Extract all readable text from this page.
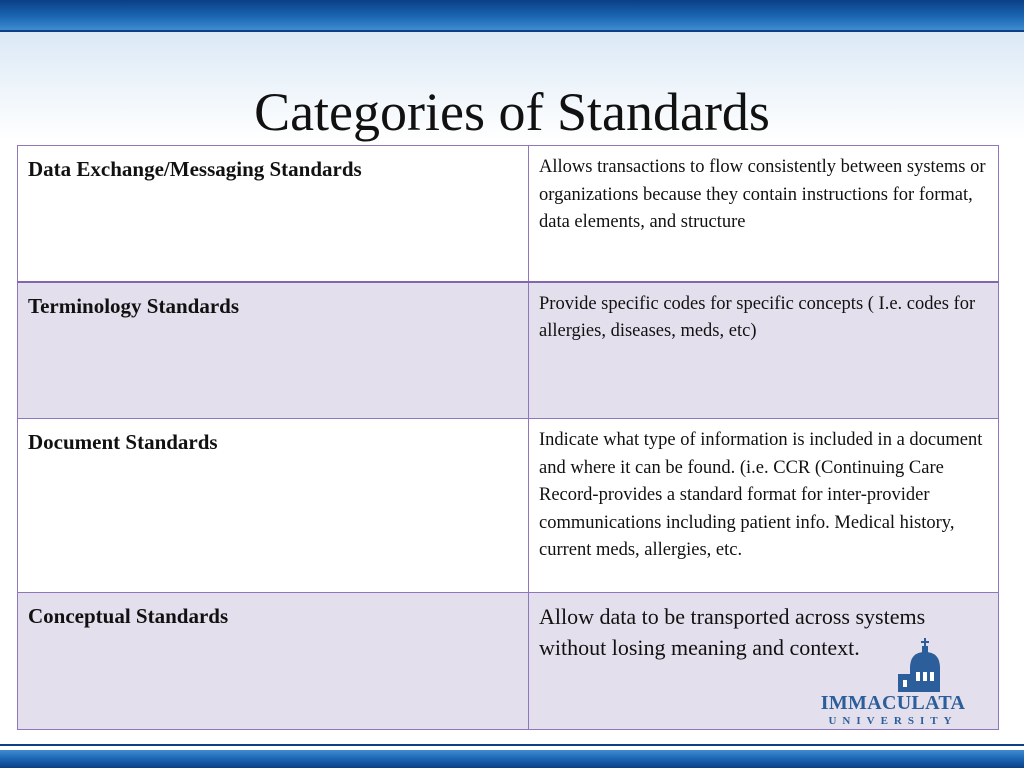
Categories of Standards
Data Exchange/Messaging Standards	Allows transactions to flow consistently between systems or organizations because they contain instructions for format, data elements, and structure
Terminology Standards	Provide specific codes for specific concepts ( I.e. codes for allergies, diseases, meds, etc)
Document Standards	Indicate what type of information is included in a document and where it can be found. (i.e. CCR (Continuing Care Record-provides a standard format for inter-provider communications including patient info. Medical history, current meds, allergies, etc.
Conceptual Standards	Allow data to be transported across systems without losing meaning and context.
IMMACULATA
UNIVERSITY
